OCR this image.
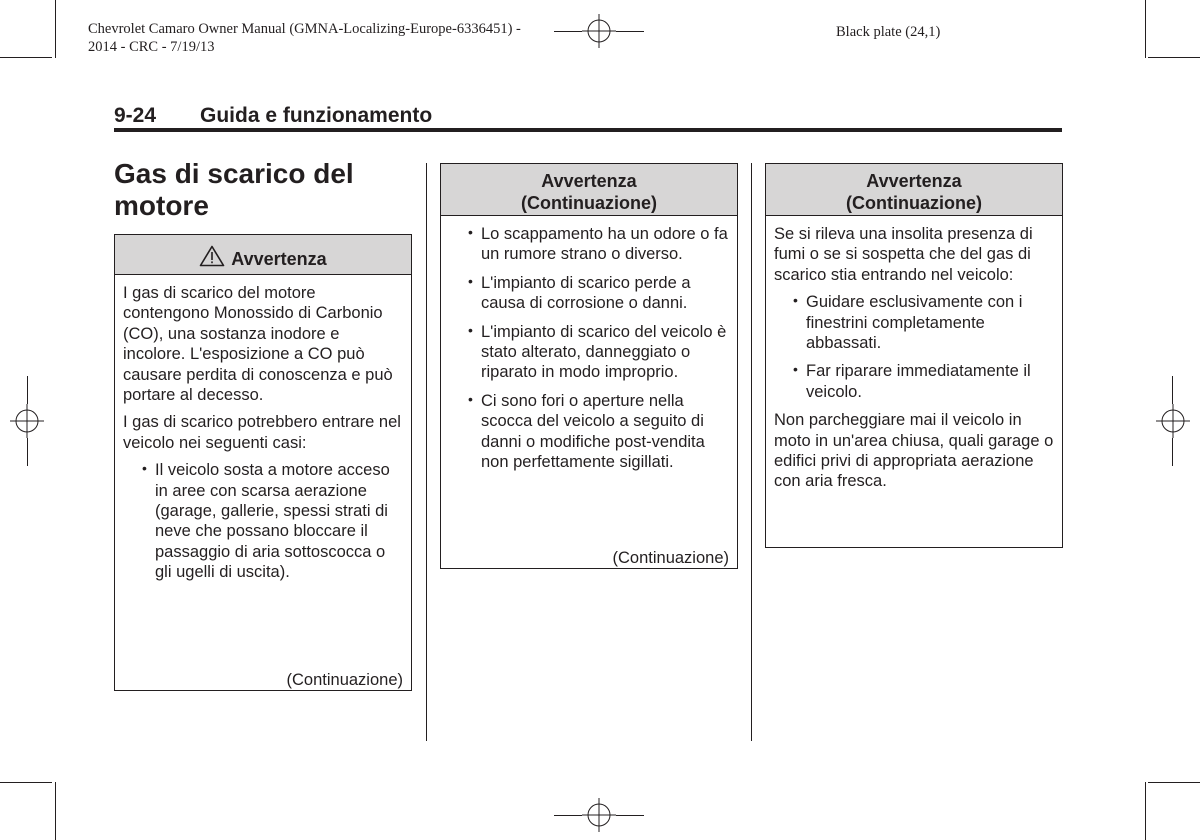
Chevrolet Camaro Owner Manual (GMNA-Localizing-Europe-6336451) -
2014 - CRC - 7/19/13
Black plate (24,1)
9-24 Guida e funzionamento
Gas di scarico del motore
Avvertenza

I gas di scarico del motore contengono Monossido di Carbonio (CO), una sostanza inodore e incolore. L'esposizione a CO può causare perdita di conoscenza e può portare al decesso.

I gas di scarico potrebbero entrare nel veicolo nei seguenti casi:

• Il veicolo sosta a motore acceso in aree con scarsa aerazione (garage, gallerie, spessi strati di neve che possano bloccare il passaggio di aria sottoscocca o gli ugelli di uscita).
(Continuazione)
Avvertenza
(Continuazione)
• Lo scappamento ha un odore o fa un rumore strano o diverso.
• L'impianto di scarico perde a causa di corrosione o danni.
• L'impianto di scarico del veicolo è stato alterato, danneggiato o riparato in modo improprio.
• Ci sono fori o aperture nella scocca del veicolo a seguito di danni o modifiche post-vendita non perfettamente sigillati.
(Continuazione)
Avvertenza
(Continuazione)

Se si rileva una insolita presenza di fumi o se si sospetta che del gas di scarico stia entrando nel veicolo:

• Guidare esclusivamente con i finestrini completamente abbassati.
• Far riparare immediatamente il veicolo.

Non parcheggiare mai il veicolo in moto in un'area chiusa, quali garage o edifici privi di appropriata aerazione con aria fresca.
